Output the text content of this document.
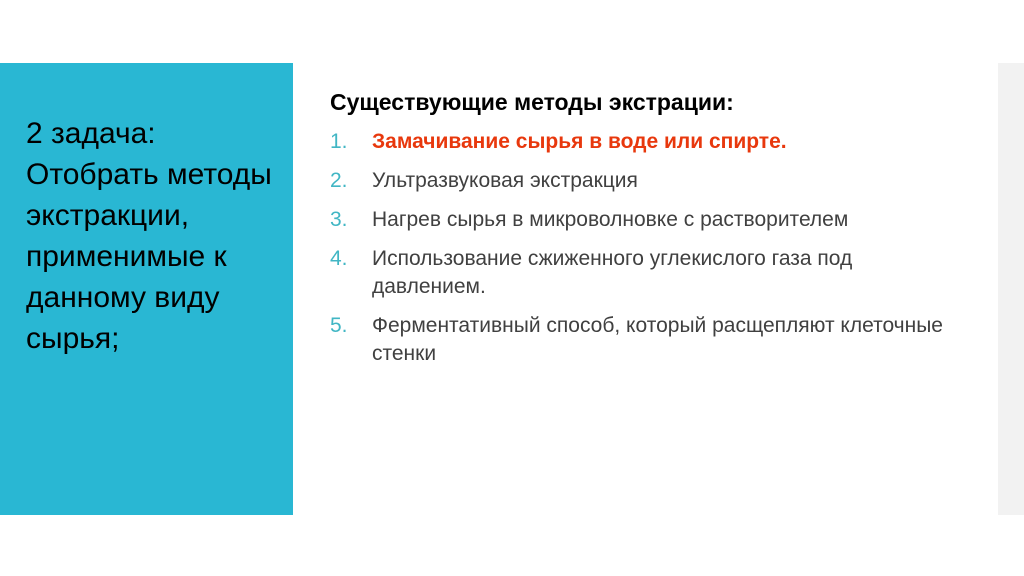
2 задача: Отобрать методы экстракции, применимые к данному виду сырья;
Существующие методы экстрации:
1.	Замачивание сырья в воде или спирте.
2.	Ультразвуковая экстракция
3.	Нагрев сырья в микроволновке с растворителем
4.	Использование сжиженного углекислого газа под давлением.
5.	Ферментативный способ, который расщепляют клеточные стенки
